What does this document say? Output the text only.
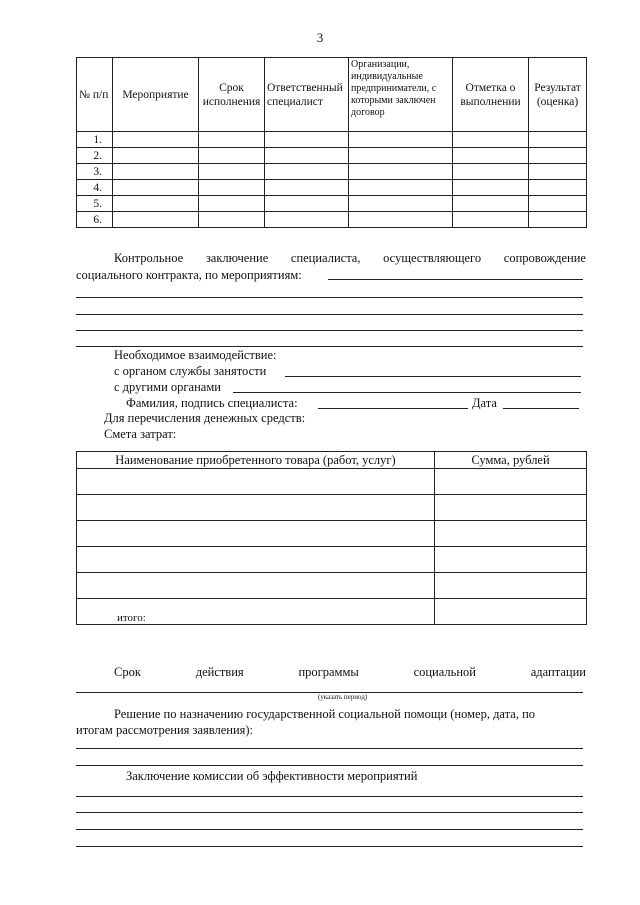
3
№ п/п	Мероприятие	Срок исполнения	Ответственный специалист	Организации, индивидуальные предприниматели, с которыми заключен договор	Отметка о выполнении	Результат (оценка)
1.						
2.						
3.						
4.						
5.						
6.						
Контрольное заключение специалиста, осуществляющего сопровождение
социального контракта, по мероприятиям:
Необходимое взаимодействие:
с органом службы занятости
с другими органами
Фамилия, подпись специалиста:	Дата
Для перечисления денежных средств:
Смета затрат:
Наименование приобретенного товара (работ, услуг)	Сумма, рублей

итого:	
Срок	действия	программы	социальной	адаптации
(указать период)
Решение по назначению государственной социальной помощи (номер, дата, по
итогам рассмотрения заявления):
Заключение комиссии об эффективности мероприятий
